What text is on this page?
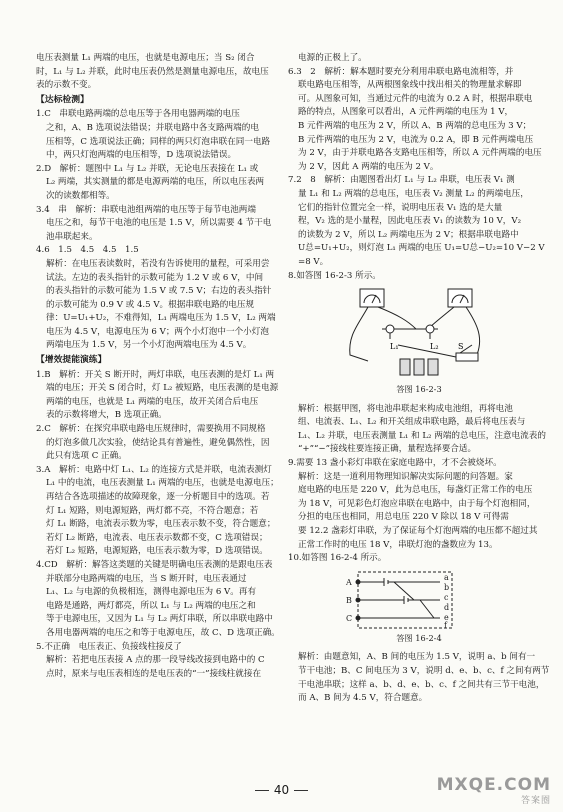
电压表测量 L₁ 两端的电压，也就是电源电压；当 S₂ 闭合

时，L₁ 与 L₂ 并联，此时电压表仍然是测量电源电压，故电压

表的示数不变。

【达标检测】

1.C　串联电路两端的总电压等于各用电器两端的电压

之和，A、B 选项说法错误；并联电路中各支路两端的电

压相等，C 选项说法正确；同样的两只灯泡串联在同一电路

中，两只灯泡两端的电压相等，D 选项说法错误。

2.D　解析：题图中 L₁ 与 L₂ 并联，无论电压表接在 L₁ 或

L₂ 两端，其实测量的都是电源两端的电压，所以电压表两

次的读数都相等。

3.4　串　解析：串联电池组两端的电压等于每节电池两端

电压之和，每节干电池的电压是 1.5 V，所以需要 4 节干电

池串联起来。

4.6　1.5　4.5　4.5　1.5

解析：在电压表读数时，若没有告诉使用的量程，可采用尝

试法。左边的表头指针的示数可能为 1.2 V 或 6 V，中间

的表头指针的示数可能为 1.5 V 或 7.5 V；右边的表头指针

的示数可能为 0.9 V 或 4.5 V。根据串联电路的电压规

律：U=U₁+U₂，不难得知，L₁ 两端电压为 1.5 V，L₂ 两端

电压为 4.5 V，电源电压为 6 V；两个小灯泡中一个小灯泡

两端电压为 1.5 V，另一个小灯泡两端电压为 4.5 V。

【增效提能演练】

1.B　解析：开关 S 断开时，两灯串联，电压表测的是灯 L₁ 两

端的电压；开关 S 闭合时，灯 L₂ 被短路，电压表测的是电源

两端的电压，也就是 L₁ 两端的电压，故开关闭合后电压

表的示数将增大，B 选项正确。

2.C　解析：在探究串联电路电压规律时，需要换用不同规格

的灯泡多做几次实验，使结论具有普遍性，避免偶然性，因

此只有选项 C 正确。

3.A　解析：电路中灯 L₁、L₂ 的连接方式是并联，电流表测灯

L₁ 中的电流，电压表测量 L₁ 两端的电压，也就是电源电压；

再结合各选项描述的故障现象，逐一分析题目中的选项。若

灯 L₁ 短路，则电源短路，两灯都不亮，不符合题意；若

灯 L₁ 断路，电流表示数为零，电压表示数不变，符合题意；

若灯 L₂ 断路，电流表、电压表示数都不变，C 选项错误；

若灯 L₂ 短路，电源短路，电压表示数为零，D 选项错误。

4.CD　解析：解答这类题的关键是明确电压表测的是跟电压表

并联部分电路两端的电压，当 S 断开时，电压表通过

L₁、L₂ 与电源的负极相连，测得电源电压为 6 V。再有

电路是通路，两灯都亮，所以 L₁ 与 L₂ 两端的电压之和

等于电源电压，又因为 L₁ 与 L₂ 两灯串联，所以串联电路中

各用电器两端的电压之和等于电源电压，故 C、D 选项正确。

5.不正确　电压表正、负接线柱接反了

解析：若把电压表接 A 点的那一段导线改接到电路中的 C

点时，原来与电压表相连的是电压表的“一”接线柱就接在

电源的正极上了。

6.3　2　解析：解本题时要充分利用串联电路电流相等，并

联电路电压相等，从两根图象线中找出相关的物理量求解即

可。从图象可知，当通过元件的电流为 0.2 A 时，根据串联电

路的特点，从图象可以看出，A 元件两端的电压为 1 V，

B 元件两端的电压为 2 V，所以 A、B 两端的总电压为 3 V；

B 元件两端的电压为 2 V，电流为 0.2 A，即 B 元件两端电压

为 2 V，由于并联电路各支路电压相等，所以 A 元件两端的电压

为 2 V，因此 A 两端的电压为 2 V。

7.2　8　解析：由题图看出灯 L₁ 与 L₂ 串联，电压表 V₁ 测

量 L₁ 和 L₂ 两端的总电压，电压表 V₂ 测量 L₂ 的两端电压，

它们的指针位置完全一样，说明电压表 V₁ 选的是大量

程，V₂ 选的是小量程，因此电压表 V₁ 的读数为 10 V，V₂

的读数为 2 V，所以 L₂ 两端电压为 2 V；根据串联电路中

U总=U₁+U₂，则灯泡 L₁ 两端的电压 U₁=U总−U₂=10 V−2 V

=8 V。

8.如答图 16-2-3 所示。

L₁	L₂ S
答图 16-2-3

解析：根据甲图，将电池串联起来构成电池组，再将电池

组、电流表、L₁、L₂ 和开关组成串联电路，最后将电压表与

L₁、L₂ 并联，电压表测量 L₁ 和 L₂ 两端的总电压，注意电流表的

“+”“−”接线柱要连接正确，量程选择要合适。

9.需要 13 盏小彩灯串联在家庭电路中，才不会被烧坏。

解析：这是一道利用物理知识解决实际问题的问答题。家

庭电路的电压是 220 V，此为总电压，每盏灯正常工作的电压

为 18 V，可见彩色灯泡应串联在电路中，由于每个灯泡相同，

分担的电压也相同，用总电压 220 V 除以 18 V 可得需

要 12.2 盏彩灯串联，为了保证每个灯泡两端的电压都不超过其

正常工作时的电压 18 V，串联灯泡的盏数应为 13。

10.如答图 16-2-4 所示。

A
B
C
a
b
c
d
e
f
答图 16-2-4

解析：由题意知，A、B 间的电压为 1.5 V，说明 a、b 间有一

节干电池；B、C 间电压为 3 V，说明 d、e、b、c、f 之间有两节

干电池串联；这样 a、b、d、e、b、c、f 之间共有三节干电池，

而 A、B 间为 4.5 V，符合题意。

40	MXQE.COM
答案圈
